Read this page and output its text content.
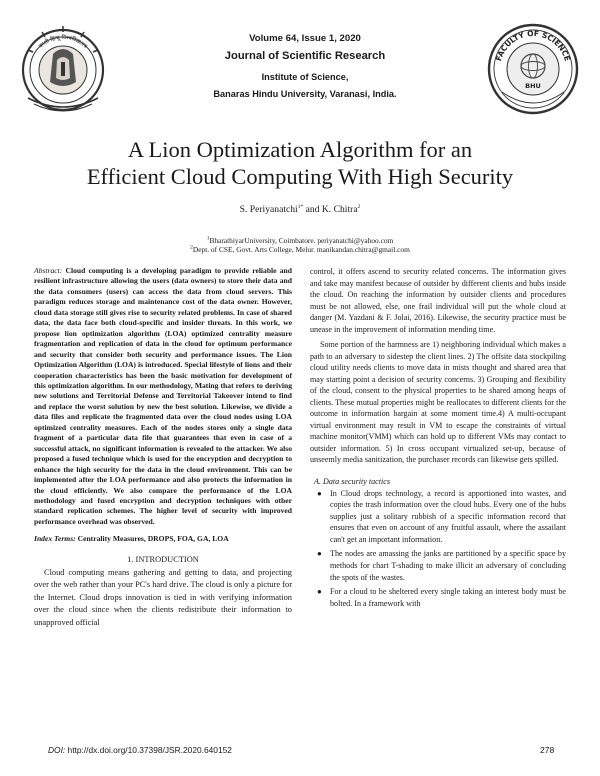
काशी हिन्दू विश्वविद्यालय
FACULTY OF SCIENCE
BHU
Volume 64, Issue 1, 2020
Journal of Scientific Research
Institute of Science,
Banaras Hindu University, Varanasi, India.
A Lion Optimization Algorithm for an
Efficient Cloud Computing With High Security
S. Periyanatchi$^{1*}$ and K. Chitra$^2$
$^1$BharathiyarUniversity, Coimbatore. periyanatchi@yahoo.com
$^2$Dept. of CSE, Govt. Arts College, Melur. manikandan.chitra@gmail.com

Abstract: Cloud computing is a developing paradigm to provide reliable and resilient infrastructure allowing the users (data owners) to store their data and the data consumers (users) can access the data from cloud servers. This paradigm reduces storage and maintenance cost of the data owner. However, cloud data storage still gives rise to security related problems. In case of shared data, the data face both cloud-specific and insider threats. In this work, we propose lion optimization algorithm (LOA) optimized centrality measure fragmentation and replication of data in the cloud for optimum performance and security that consider both security and performance issues. The Lion Optimization Algorithm (LOA) is introduced. Special lifestyle of lions and their cooperation characteristics has been the basic motivation for development of this optimization algorithm. In our methodology, Mating that refers to deriving new solutions and Territorial Defense and Territorial Takeover intend to find and replace the worst solution by new the best solution. Likewise, we divide a data files and replicate the fragmented data over the cloud nodes using LOA optimized centrality measures. Each of the nodes stores only a single data fragment of a particular data file that guarantees that even in case of a successful attack, no significant information is revealed to the attacker. We also proposed a fused technique which is used for the encryption and decryption to enhance the high security for the data in the cloud environment. This can be implemented after the LOA performance and also protects the information in the cloud efficiently. We also compare the performance of the LOA methodology and fused encryption and decryption techniques with other standard replication schemes. The higher level of security with improved performance overhead was observed.

Index Terms: Centrality Measures, DROPS, FOA, GA, LOA

1. INTRODUCTION

Cloud computing means gathering and getting to data, and projecting over the web rather than your PC's hard drive. The cloud is only a picture for the Internet. Cloud drops innovation is tied in with verifying information over the cloud since when the clients redistribute their information to unapproved official

control, it offers ascend to security related concerns. The information gives and take may manifest because of outsider by different clients and hubs inside the cloud. On reaching the information by outsider clients and procedures must be not allowed, else, one frail individual will put the whole cloud at danger (M. Yazdani & F. Jolai, 2016). Likewise, the security practice must be unease in the improvement of information mending time.

Some portion of the harmness are 1) neighboring individual which makes a path to an adversary to sidestep the client lines. 2) The offsite data stockpiling cloud utility needs clients to move data in mists thought and shared area that may starting point a decision of security concerns. 3) Grouping and flexibility of the cloud, consent to the physical properties to be shared among heaps of clients. These mutual properties might be reallocates to different clients for the outcome in information bargain at some moment time.4) A multi-occupant virtual environment may result in VM to escape the constraints of virtual machine monitor(VMM) which can hold up to different VMs may contact to outsider information. 5) In cross occupant virtualized set-up, because of unseemly media sanitization, the purchaser records can likewise gets spilled.

A. Data security tactics
● In Cloud drops technology, a record is apportioned into wastes, and copies the trash information over the cloud hubs. Every one of the hubs supplies just a solitary rubbish of a specific information record that ensures that even on account of any fruitful assault, where the assailant can't get an important information.
● The nodes are amassing the janks are partitioned by a specific space by methods for chart T-shading to make illicit an adversary of concluding the spots of the wastes.
● For a cloud to be sheltered every single taking an interest body must be bolted. In a framework with
DOI: http://dx.doi.org/10.37398/JSR.2020.640152	278
